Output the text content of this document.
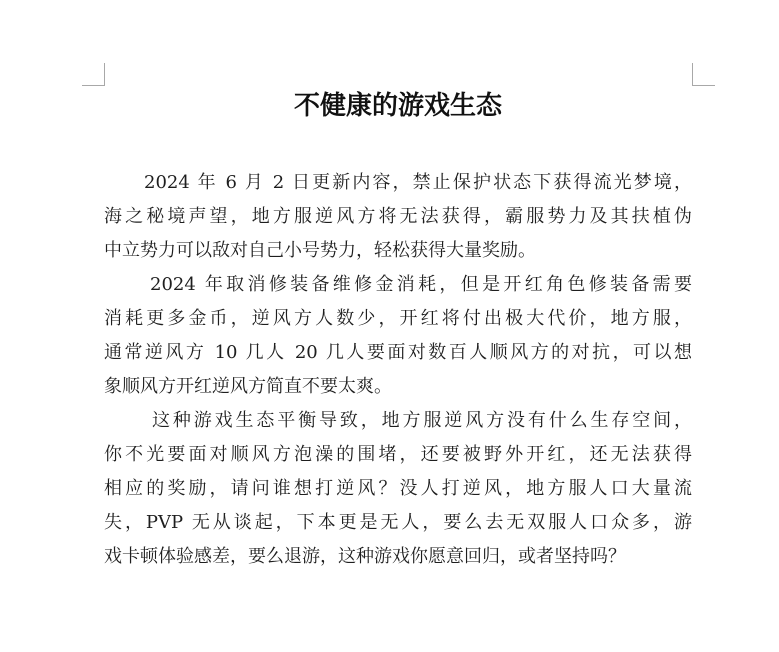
不健康的游戏生态

2024 年 6 月 2 日更新内容，禁止保护状态下获得流光梦境，
海之秘境声望，地方服逆风方将无法获得，霸服势力及其扶植伪
中立势力可以敌对自己小号势力，轻松获得大量奖励。

2024 年取消修装备维修金消耗，但是开红角色修装备需要
消耗更多金币，逆风方人数少，开红将付出极大代价，地方服，
通常逆风方 10 几人 20 几人要面对数百人顺风方的对抗，可以想
象顺风方开红逆风方简直不要太爽。

这种游戏生态平衡导致，地方服逆风方没有什么生存空间，
你不光要面对顺风方泡澡的围堵，还要被野外开红，还无法获得
相应的奖励，请问谁想打逆风？没人打逆风，地方服人口大量流
失，PVP 无从谈起，下本更是无人，要么去无双服人口众多，游
戏卡顿体验感差，要么退游，这种游戏你愿意回归，或者坚持吗？
